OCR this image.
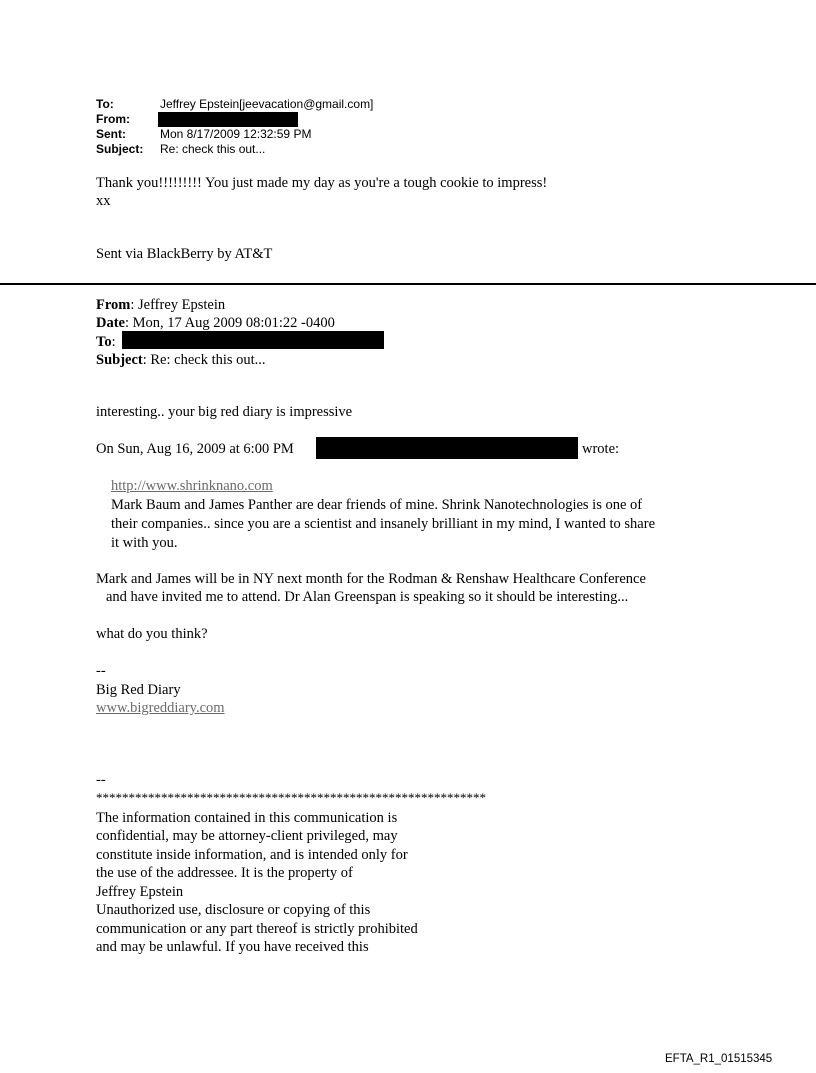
To:	Jeffrey Epstein[jeevacation@gmail.com]
From:
Sent:	Mon 8/17/2009 12:32:59 PM
Subject: Re: check this out...
Thank you!!!!!!!!! You just made my day as you're a tough cookie to impress!
xx
Sent via BlackBerry by AT&T
From: Jeffrey Epstein
Date: Mon, 17 Aug 2009 08:01:22 -0400
To:
Subject: Re: check this out...
interesting.. your big red diary is impressive
On Sun, Aug 16, 2009 at 6:00 PM	wrote:
http://www.shrinknano.com
Mark Baum and James Panther are dear friends of mine. Shrink Nanotechnologies is one of
their companies.. since you are a scientist and insanely brilliant in my mind, I wanted to share
it with you.
Mark and James will be in NY next month for the Rodman & Renshaw Healthcare Conference
and have invited me to attend. Dr Alan Greenspan is speaking so it should be interesting...
what do you think?
--
Big Red Diary
www.bigreddiary.com
--
************************************************************
The information contained in this communication is
confidential, may be attorney-client privileged, may
constitute inside information, and is intended only for
the use of the addressee. It is the property of
Jeffrey Epstein
Unauthorized use, disclosure or copying of this
communication or any part thereof is strictly prohibited
and may be unlawful. If you have received this
EFTA_R1_01515345
